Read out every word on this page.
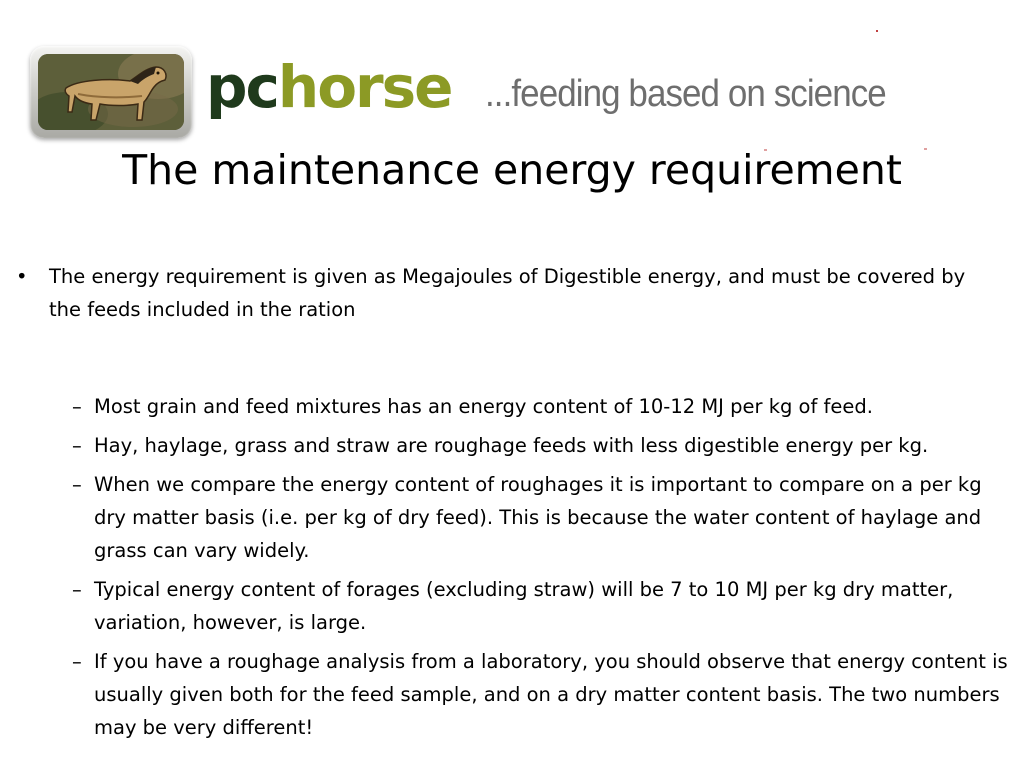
pchorse ...feeding based on science
The maintenance energy requirement
• The energy requirement is given as Megajoules of Digestible energy, and must be covered by the feeds included in the ration
– Most grain and feed mixtures has an energy content of 10-12 MJ per kg of feed.
– Hay, haylage, grass and straw are roughage feeds with less digestible energy per kg.
– When we compare the energy content of roughages it is important to compare on a per kg dry matter basis (i.e. per kg of dry feed). This is because the water content of haylage and grass can vary widely.
– Typical energy content of forages (excluding straw) will be 7 to 10 MJ per kg dry matter, variation, however, is large.
– If you have a roughage analysis from a laboratory, you should observe that energy content is usually given both for the feed sample, and on a dry matter content basis. The two numbers may be very different!
